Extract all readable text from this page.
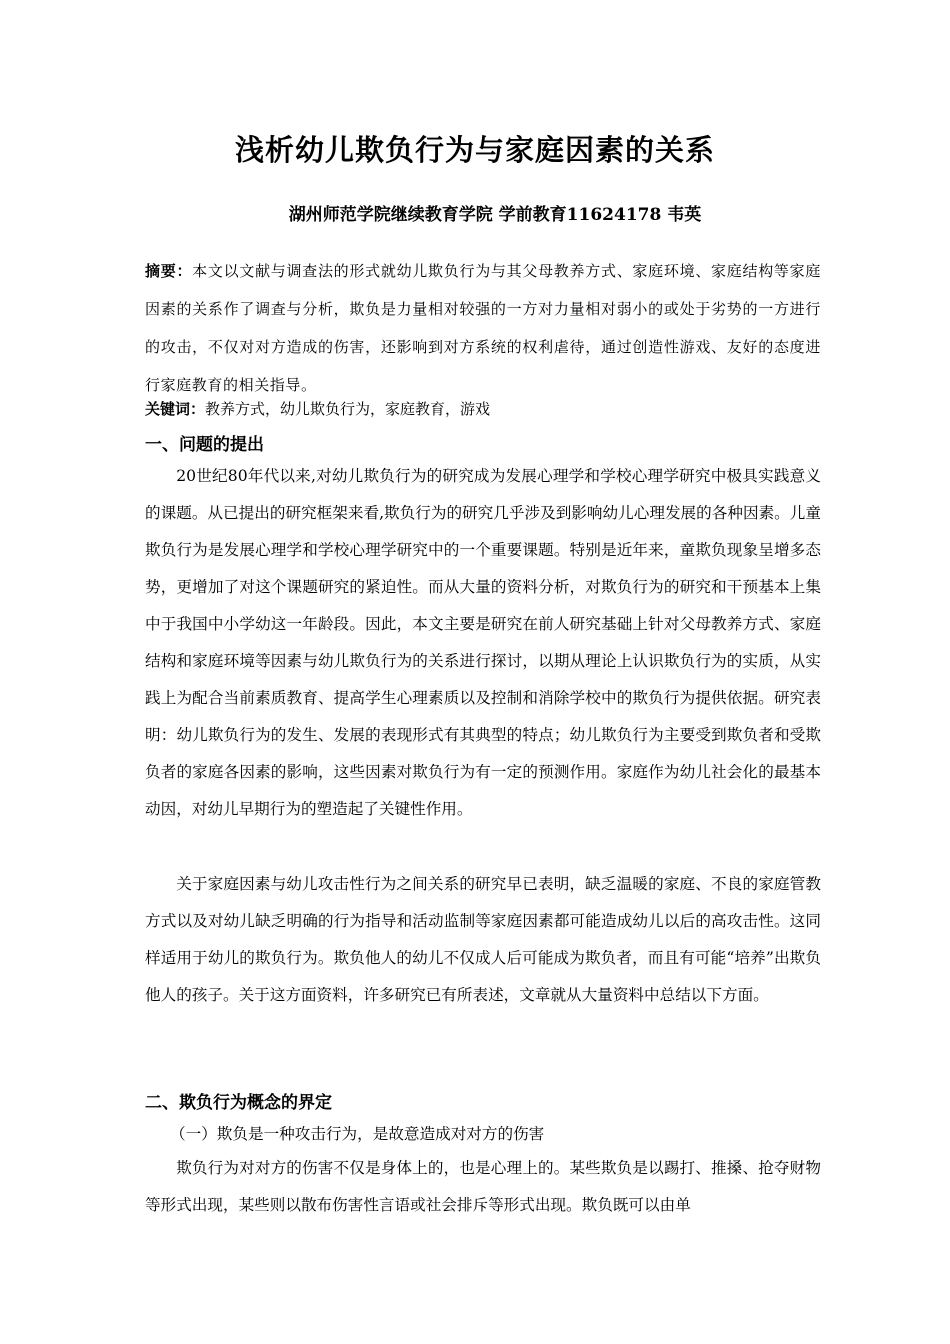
浅析幼儿欺负行为与家庭因素的关系
湖州师范学院继续教育学院 学前教育11624178 韦英
摘要：本文以文献与调查法的形式就幼儿欺负行为与其父母教养方式、家庭环境、家庭结构等家庭因素的关系作了调查与分析，欺负是力量相对较强的一方对力量相对弱小的或处于劣势的一方进行的攻击，不仅对对方造成的伤害，还影响到对方系统的权利虐待，通过创造性游戏、友好的态度进行家庭教育的相关指导。
关键词：教养方式，幼儿欺负行为，家庭教育，游戏
一、问题的提出
20世纪80年代以来,对幼儿欺负行为的研究成为发展心理学和学校心理学研究中极具实践意义的课题。从已提出的研究框架来看,欺负行为的研究几乎涉及到影响幼儿心理发展的各种因素。儿童欺负行为是发展心理学和学校心理学研究中的一个重要课题。特别是近年来，童欺负现象呈增多态势，更增加了对这个课题研究的紧迫性。而从大量的资料分析，对欺负行为的研究和干预基本上集中于我国中小学幼这一年龄段。因此，本文主要是研究在前人研究基础上针对父母教养方式、家庭结构和家庭环境等因素与幼儿欺负行为的关系进行探讨，以期从理论上认识欺负行为的实质，从实践上为配合当前素质教育、提高学生心理素质以及控制和消除学校中的欺负行为提供依据。研究表明：幼儿欺负行为的发生、发展的表现形式有其典型的特点；幼儿欺负行为主要受到欺负者和受欺负者的家庭各因素的影响，这些因素对欺负行为有一定的预测作用。家庭作为幼儿社会化的最基本动因，对幼儿早期行为的塑造起了关键性作用。
关于家庭因素与幼儿攻击性行为之间关系的研究早已表明，缺乏温暖的家庭、不良的家庭管教方式以及对幼儿缺乏明确的行为指导和活动监制等家庭因素都可能造成幼儿以后的高攻击性。这同样适用于幼儿的欺负行为。欺负他人的幼儿不仅成人后可能成为欺负者，而且有可能“培养”出欺负他人的孩子。关于这方面资料，许多研究已有所表述，文章就从大量资料中总结以下方面。
二、欺负行为概念的界定
（一）欺负是一种攻击行为，是故意造成对对方的伤害
欺负行为对对方的伤害不仅是身体上的，也是心理上的。某些欺负是以踢打、推搡、抢夺财物等形式出现，某些则以散布伤害性言语或社会排斥等形式出现。欺负既可以由单
